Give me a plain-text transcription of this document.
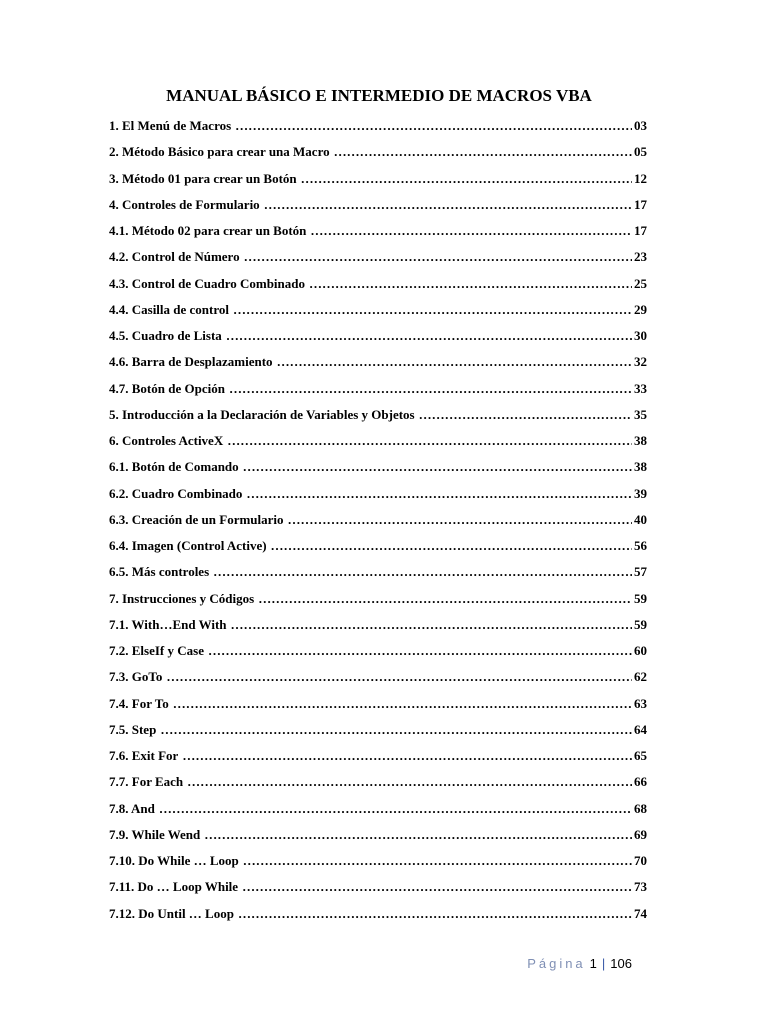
MANUAL BÁSICO E INTERMEDIO DE MACROS VBA
1. El Menú de Macros ………………………………………………………………………………………………………………………………………………………………………………………	03
2. Método Básico para crear una Macro ………………………………………………………………………………………………………………………………………………………………………………………	05
3. Método 01 para crear un Botón ………………………………………………………………………………………………………………………………………………………………………………………	12
4. Controles de Formulario ………………………………………………………………………………………………………………………………………………………………………………………	17
4.1. Método 02 para crear un Botón ………………………………………………………………………………………………………………………………………………………………………………………	17
4.2. Control de Número ………………………………………………………………………………………………………………………………………………………………………………………	23
4.3. Control de Cuadro Combinado ………………………………………………………………………………………………………………………………………………………………………………………	25
4.4. Casilla de control ………………………………………………………………………………………………………………………………………………………………………………………	29
4.5. Cuadro de Lista ………………………………………………………………………………………………………………………………………………………………………………………	30
4.6. Barra de Desplazamiento ………………………………………………………………………………………………………………………………………………………………………………………	32
4.7. Botón de Opción ………………………………………………………………………………………………………………………………………………………………………………………	33
5. Introducción a la Declaración de Variables y Objetos ………………………………………………………………………………………………………………………………………………………………………………………	35
6. Controles ActiveX ………………………………………………………………………………………………………………………………………………………………………………………	38
6.1. Botón de Comando ………………………………………………………………………………………………………………………………………………………………………………………	38
6.2. Cuadro Combinado ………………………………………………………………………………………………………………………………………………………………………………………	39
6.3. Creación de un Formulario ………………………………………………………………………………………………………………………………………………………………………………………	40
6.4. Imagen (Control Active) ………………………………………………………………………………………………………………………………………………………………………………………	56
6.5. Más controles ………………………………………………………………………………………………………………………………………………………………………………………	57
7. Instrucciones y Códigos ………………………………………………………………………………………………………………………………………………………………………………………	59
7.1. With…End With ………………………………………………………………………………………………………………………………………………………………………………………	59
7.2. ElseIf y Case ………………………………………………………………………………………………………………………………………………………………………………………	60
7.3. GoTo ………………………………………………………………………………………………………………………………………………………………………………………	62
7.4. For To ………………………………………………………………………………………………………………………………………………………………………………………	63
7.5. Step ………………………………………………………………………………………………………………………………………………………………………………………	64
7.6. Exit For ………………………………………………………………………………………………………………………………………………………………………………………	65
7.7. For Each ………………………………………………………………………………………………………………………………………………………………………………………	66
7.8. And ………………………………………………………………………………………………………………………………………………………………………………………	68
7.9. While Wend ………………………………………………………………………………………………………………………………………………………………………………………	69
7.10. Do While … Loop ………………………………………………………………………………………………………………………………………………………………………………………	70
7.11. Do … Loop While ………………………………………………………………………………………………………………………………………………………………………………………	73
7.12. Do Until … Loop ………………………………………………………………………………………………………………………………………………………………………………………	74
Página 1 | 106
